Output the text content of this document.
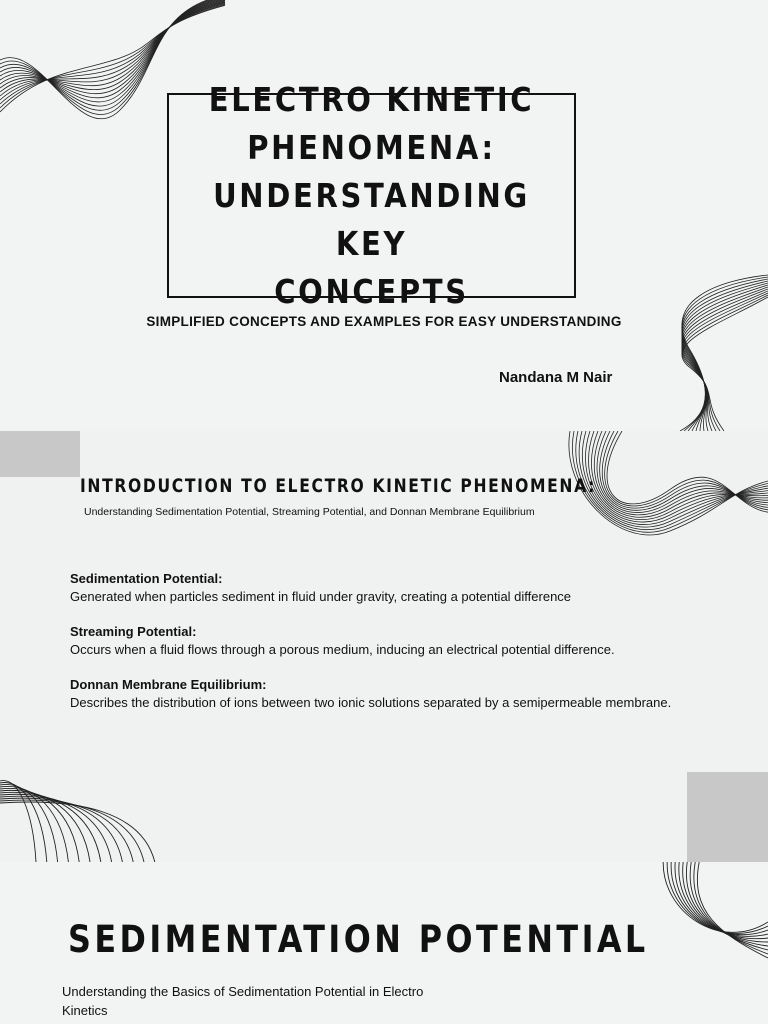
ELECTRO KINETIC
PHENOMENA:
UNDERSTANDING KEY
CONCEPTS
SIMPLIFIED CONCEPTS AND EXAMPLES FOR EASY UNDERSTANDING
Nandana M Nair
INTRODUCTION TO ELECTRO KINETIC PHENOMENA:
Understanding Sedimentation Potential, Streaming Potential, and Donnan Membrane Equilibrium
Sedimentation Potential:
Generated when particles sediment in fluid under gravity, creating a potential difference
Streaming Potential:
Occurs when a fluid flows through a porous medium, inducing an electrical potential difference.
Donnan Membrane Equilibrium:
Describes the distribution of ions between two ionic solutions separated by a semipermeable membrane.
SEDIMENTATION POTENTIAL
Understanding the Basics of Sedimentation Potential in Electro Kinetics
